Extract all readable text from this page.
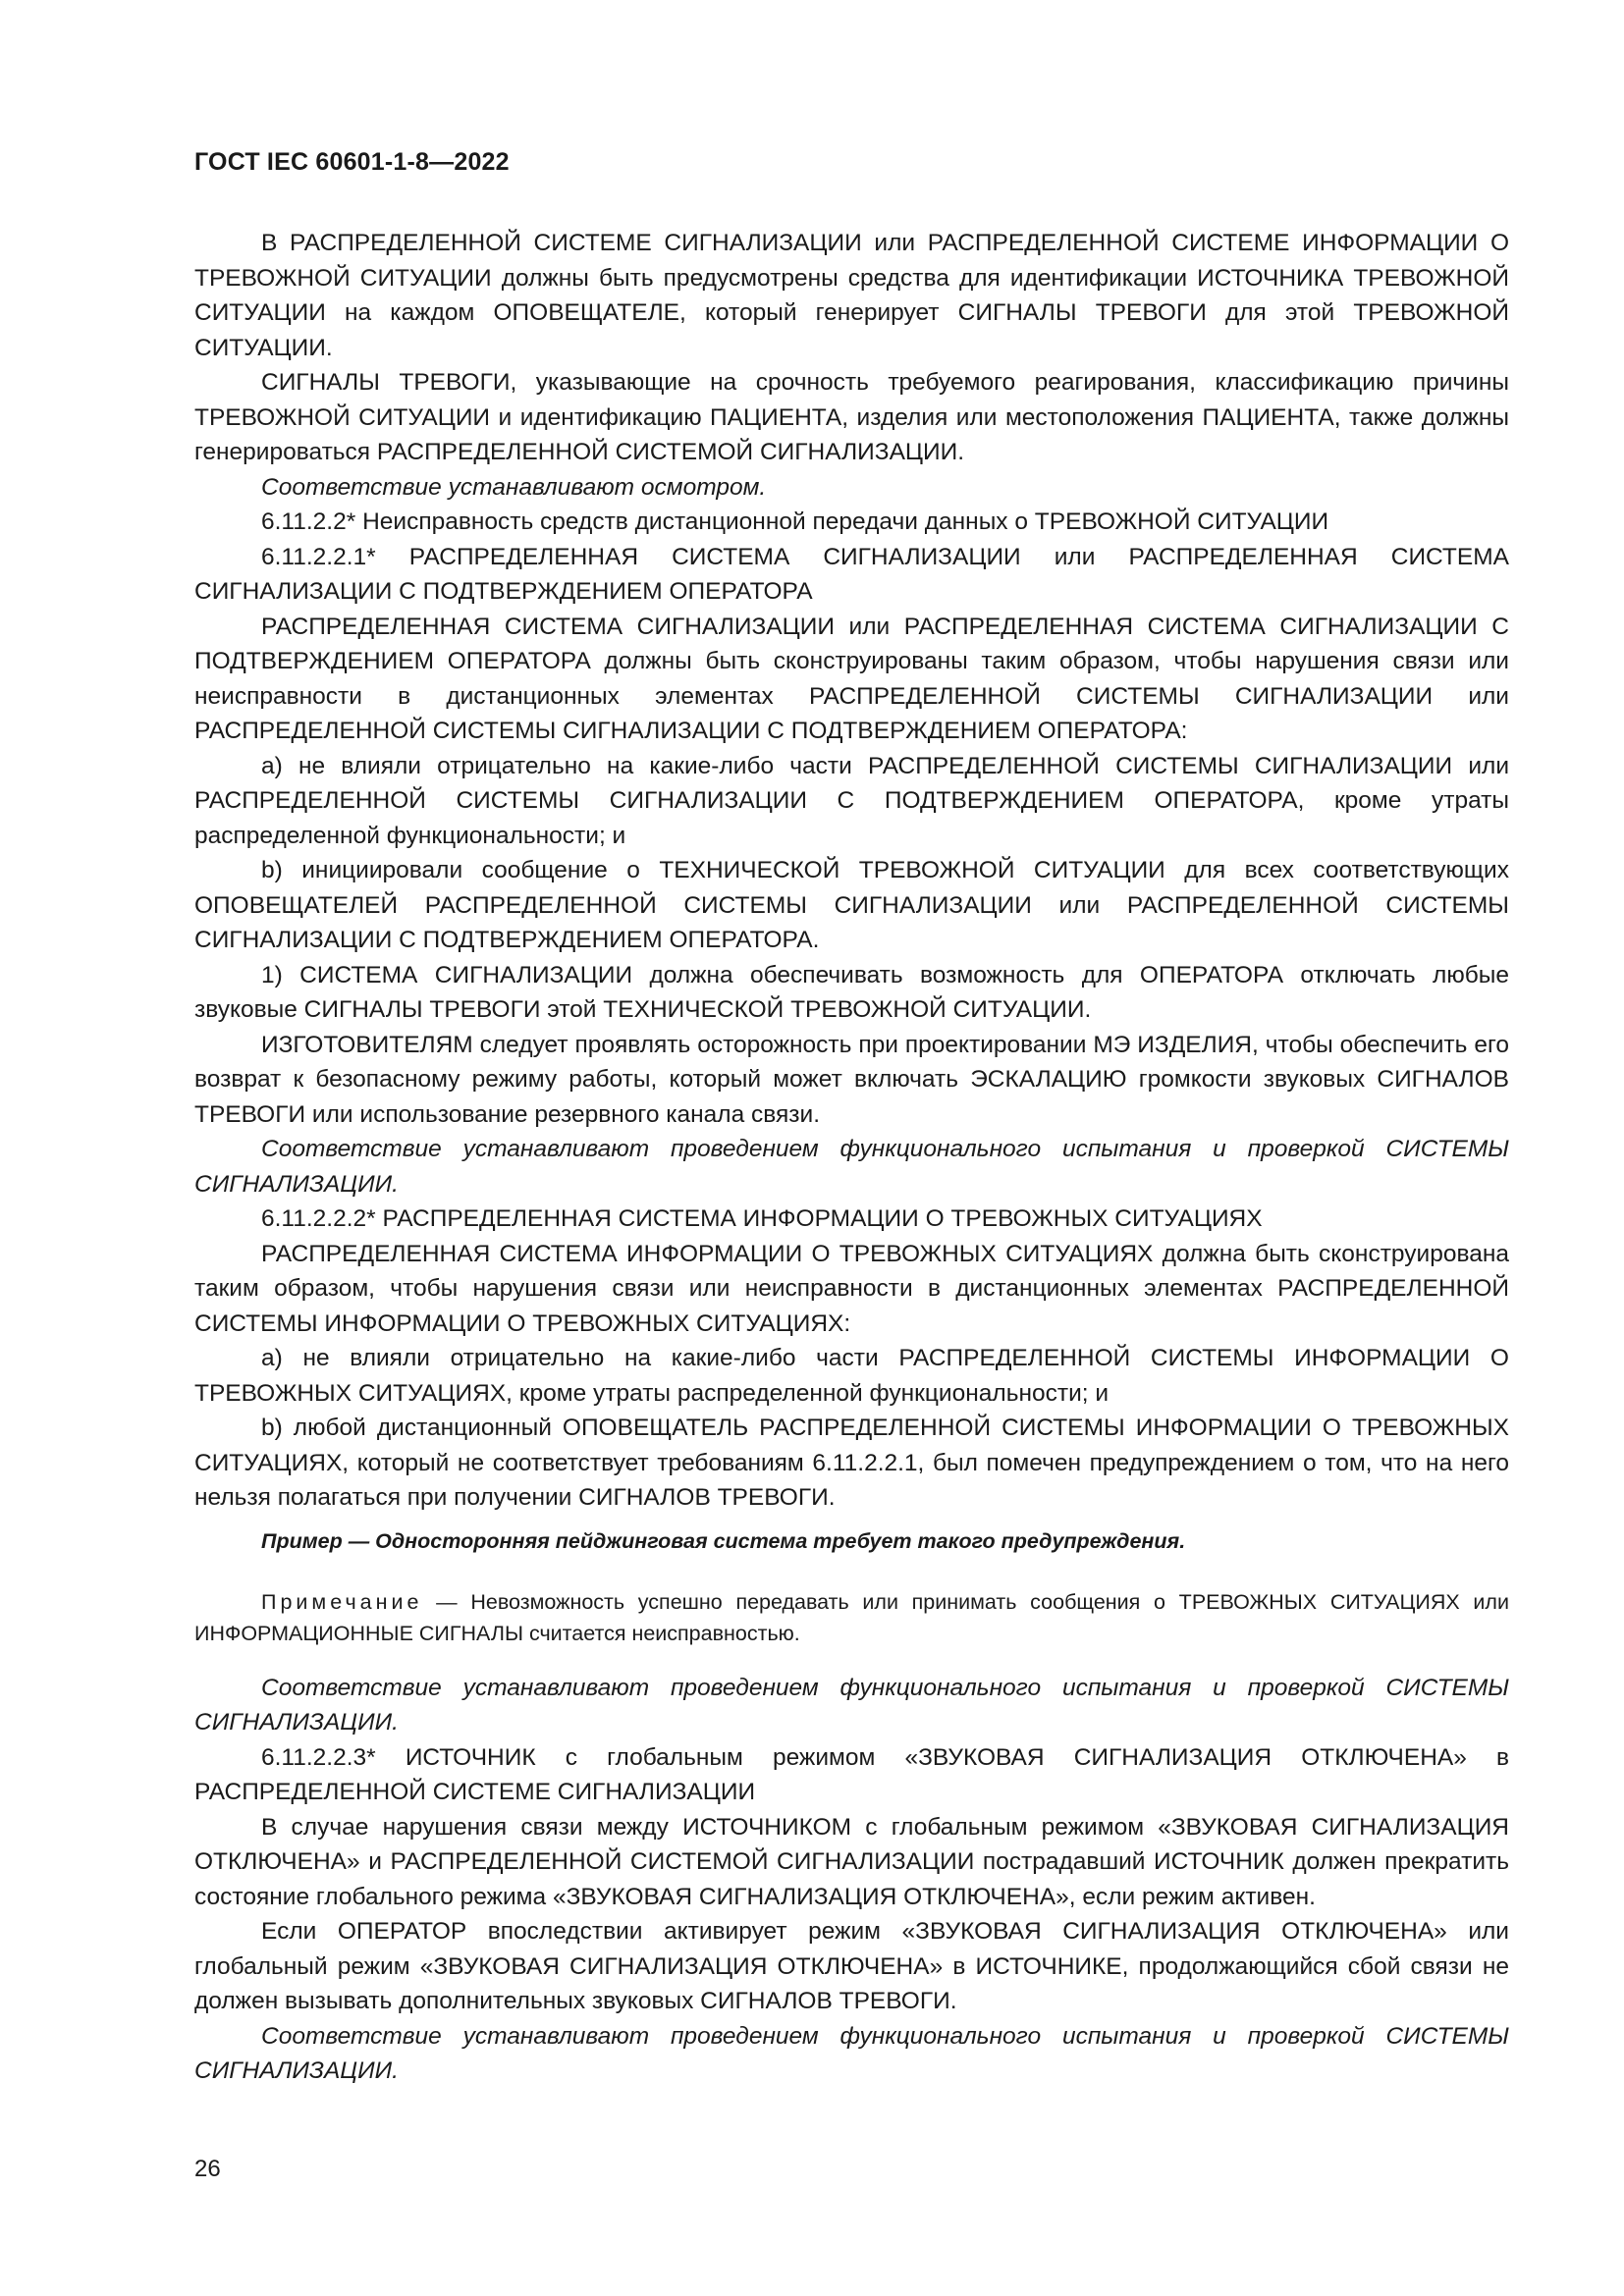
ГОСТ IEC 60601-1-8—2022

В РАСПРЕДЕЛЕННОЙ СИСТЕМЕ СИГНАЛИЗАЦИИ или РАСПРЕДЕЛЕННОЙ СИСТЕМЕ ИНФОРМАЦИИ О ТРЕВОЖНОЙ СИТУАЦИИ должны быть предусмотрены средства для идентификации ИСТОЧНИКА ТРЕВОЖНОЙ СИТУАЦИИ на каждом ОПОВЕЩАТЕЛЕ, который генерирует СИГНАЛЫ ТРЕВОГИ для этой ТРЕВОЖНОЙ СИТУАЦИИ.

СИГНАЛЫ ТРЕВОГИ, указывающие на срочность требуемого реагирования, классификацию причины ТРЕВОЖНОЙ СИТУАЦИИ и идентификацию ПАЦИЕНТА, изделия или местоположения ПАЦИЕНТА, также должны генерироваться РАСПРЕДЕЛЕННОЙ СИСТЕМОЙ СИГНАЛИЗАЦИИ.

Соответствие устанавливают осмотром.

6.11.2.2* Неисправность средств дистанционной передачи данных о ТРЕВОЖНОЙ СИТУАЦИИ

6.11.2.2.1* РАСПРЕДЕЛЕННАЯ СИСТЕМА СИГНАЛИЗАЦИИ или РАСПРЕДЕЛЕННАЯ СИСТЕМА СИГНАЛИЗАЦИИ С ПОДТВЕРЖДЕНИЕМ ОПЕРАТОРА

РАСПРЕДЕЛЕННАЯ СИСТЕМА СИГНАЛИЗАЦИИ или РАСПРЕДЕЛЕННАЯ СИСТЕМА СИГНАЛИЗАЦИИ С ПОДТВЕРЖДЕНИЕМ ОПЕРАТОРА должны быть сконструированы таким образом, чтобы нарушения связи или неисправности в дистанционных элементах РАСПРЕДЕЛЕННОЙ СИСТЕМЫ СИГНАЛИЗАЦИИ или РАСПРЕДЕЛЕННОЙ СИСТЕМЫ СИГНАЛИЗАЦИИ С ПОДТВЕРЖДЕНИЕМ ОПЕРАТОРА:

a) не влияли отрицательно на какие-либо части РАСПРЕДЕЛЕННОЙ СИСТЕМЫ СИГНАЛИЗАЦИИ или РАСПРЕДЕЛЕННОЙ СИСТЕМЫ СИГНАЛИЗАЦИИ С ПОДТВЕРЖДЕНИЕМ ОПЕРАТОРА, кроме утраты распределенной функциональности; и

b) инициировали сообщение о ТЕХНИЧЕСКОЙ ТРЕВОЖНОЙ СИТУАЦИИ для всех соответствующих ОПОВЕЩАТЕЛЕЙ РАСПРЕДЕЛЕННОЙ СИСТЕМЫ СИГНАЛИЗАЦИИ или РАСПРЕДЕЛЕННОЙ СИСТЕМЫ СИГНАЛИЗАЦИИ С ПОДТВЕРЖДЕНИЕМ ОПЕРАТОРА.

1) СИСТЕМА СИГНАЛИЗАЦИИ должна обеспечивать возможность для ОПЕРАТОРА отключать любые звуковые СИГНАЛЫ ТРЕВОГИ этой ТЕХНИЧЕСКОЙ ТРЕВОЖНОЙ СИТУАЦИИ.

ИЗГОТОВИТЕЛЯМ следует проявлять осторожность при проектировании МЭ ИЗДЕЛИЯ, чтобы обеспечить его возврат к безопасному режиму работы, который может включать ЭСКАЛАЦИЮ громкости звуковых СИГНАЛОВ ТРЕВОГИ или использование резервного канала связи.

Соответствие устанавливают проведением функционального испытания и проверкой СИСТЕМЫ СИГНАЛИЗАЦИИ.

6.11.2.2.2* РАСПРЕДЕЛЕННАЯ СИСТЕМА ИНФОРМАЦИИ О ТРЕВОЖНЫХ СИТУАЦИЯХ

РАСПРЕДЕЛЕННАЯ СИСТЕМА ИНФОРМАЦИИ О ТРЕВОЖНЫХ СИТУАЦИЯХ должна быть сконструирована таким образом, чтобы нарушения связи или неисправности в дистанционных элементах РАСПРЕДЕЛЕННОЙ СИСТЕМЫ ИНФОРМАЦИИ О ТРЕВОЖНЫХ СИТУАЦИЯХ:

a) не влияли отрицательно на какие-либо части РАСПРЕДЕЛЕННОЙ СИСТЕМЫ ИНФОРМАЦИИ О ТРЕВОЖНЫХ СИТУАЦИЯХ, кроме утраты распределенной функциональности; и

b) любой дистанционный ОПОВЕЩАТЕЛЬ РАСПРЕДЕЛЕННОЙ СИСТЕМЫ ИНФОРМАЦИИ О ТРЕВОЖНЫХ СИТУАЦИЯХ, который не соответствует требованиям 6.11.2.2.1, был помечен предупреждением о том, что на него нельзя полагаться при получении СИГНАЛОВ ТРЕВОГИ.

Пример — Односторонняя пейджинговая система требует такого предупреждения.

Примечание — Невозможность успешно передавать или принимать сообщения о ТРЕВОЖНЫХ СИТУАЦИЯХ или ИНФОРМАЦИОННЫЕ СИГНАЛЫ считается неисправностью.

Соответствие устанавливают проведением функционального испытания и проверкой СИСТЕМЫ СИГНАЛИЗАЦИИ.

6.11.2.2.3* ИСТОЧНИК с глобальным режимом «ЗВУКОВАЯ СИГНАЛИЗАЦИЯ ОТКЛЮЧЕНА» в РАСПРЕДЕЛЕННОЙ СИСТЕМЕ СИГНАЛИЗАЦИИ

В случае нарушения связи между ИСТОЧНИКОМ с глобальным режимом «ЗВУКОВАЯ СИГНАЛИЗАЦИЯ ОТКЛЮЧЕНА» и РАСПРЕДЕЛЕННОЙ СИСТЕМОЙ СИГНАЛИЗАЦИИ пострадавший ИСТОЧНИК должен прекратить состояние глобального режима «ЗВУКОВАЯ СИГНАЛИЗАЦИЯ ОТКЛЮЧЕНА», если режим активен.

Если ОПЕРАТОР впоследствии активирует режим «ЗВУКОВАЯ СИГНАЛИЗАЦИЯ ОТКЛЮЧЕНА» или глобальный режим «ЗВУКОВАЯ СИГНАЛИЗАЦИЯ ОТКЛЮЧЕНА» в ИСТОЧНИКЕ, продолжающийся сбой связи не должен вызывать дополнительных звуковых СИГНАЛОВ ТРЕВОГИ.

Соответствие устанавливают проведением функционального испытания и проверкой СИСТЕМЫ СИГНАЛИЗАЦИИ.

26
